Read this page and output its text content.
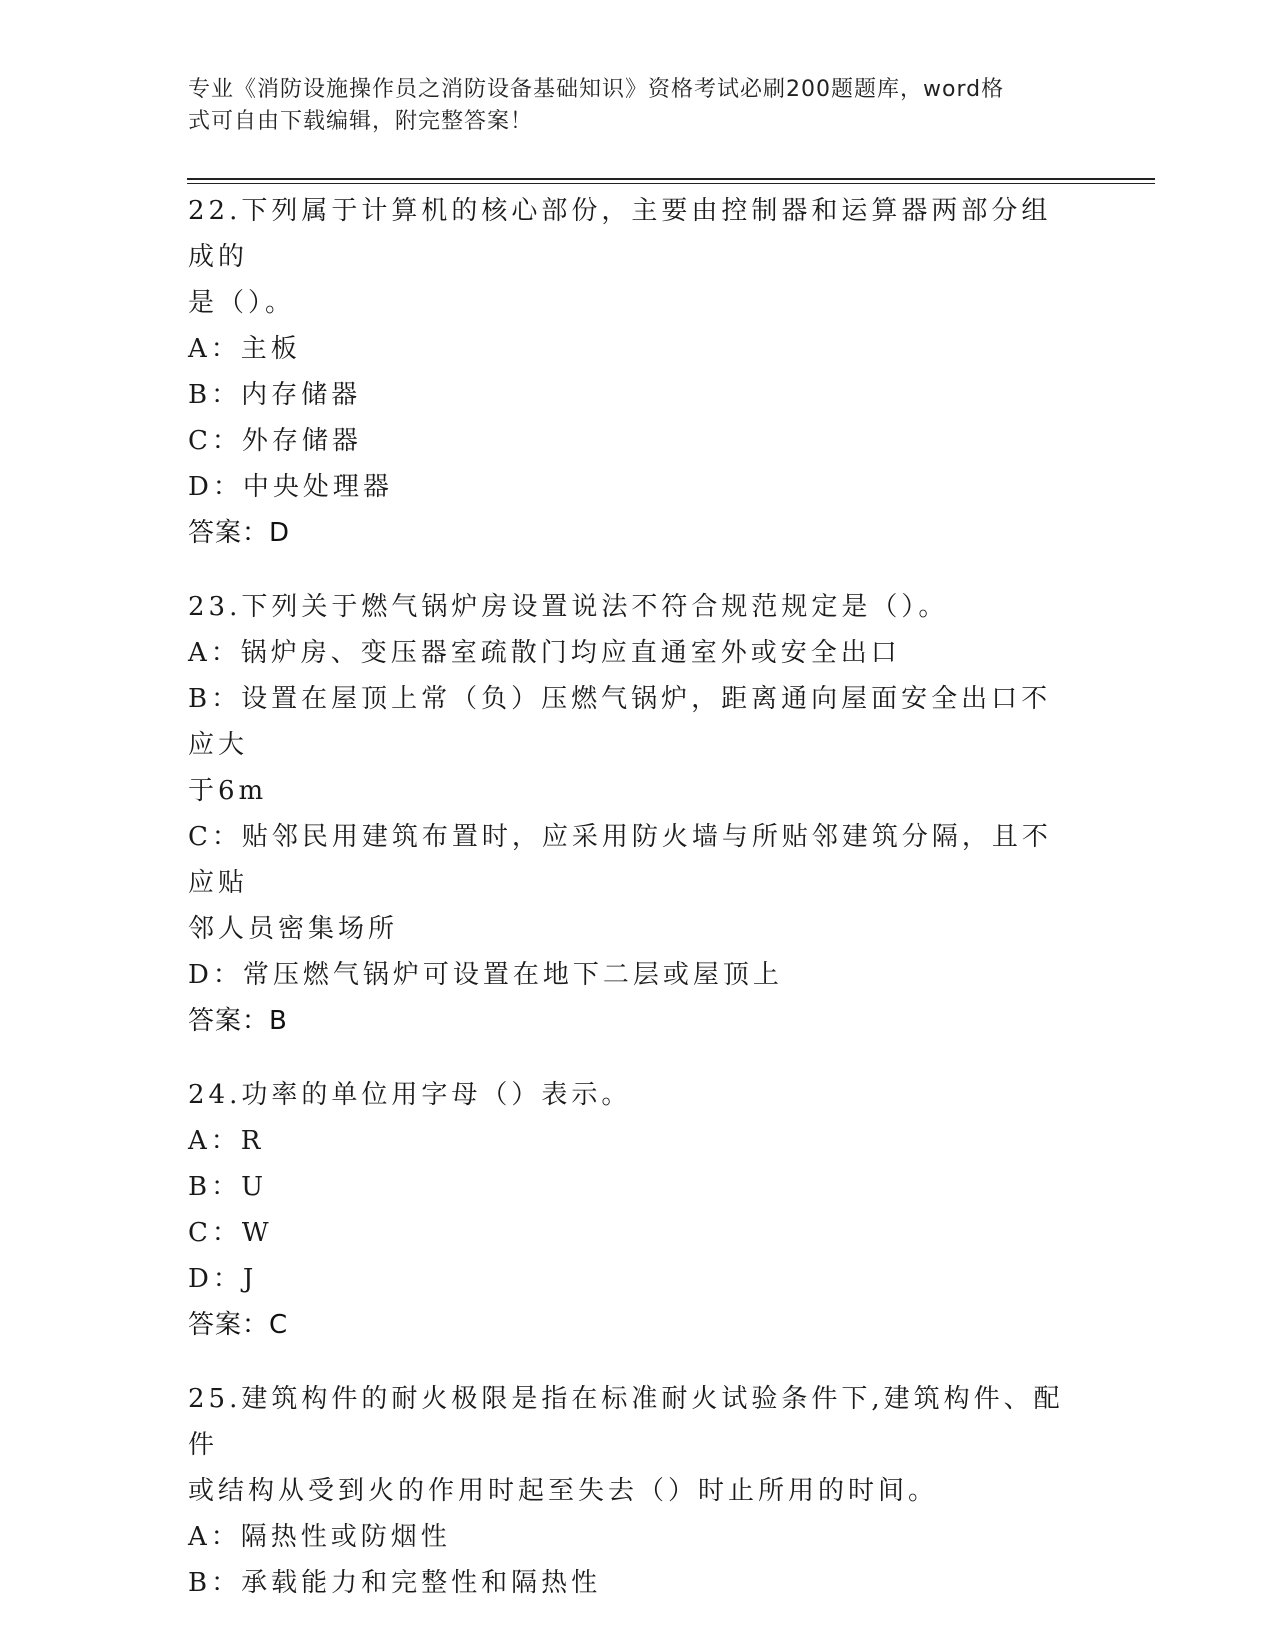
专业《消防设施操作员之消防设备基础知识》资格考试必刷200题题库，word格
式可自由下载编辑，附完整答案！
22.下列属于计算机的核心部份，主要由控制器和运算器两部分组成的
是（）。
A：主板
B：内存储器
C：外存储器
D：中央处理器
答案：D
23.下列关于燃气锅炉房设置说法不符合规范规定是（）。
A：锅炉房、变压器室疏散门均应直通室外或安全出口
B：设置在屋顶上常（负）压燃气锅炉，距离通向屋面安全出口不应大
于6m
C：贴邻民用建筑布置时，应采用防火墙与所贴邻建筑分隔，且不应贴
邻人员密集场所
D：常压燃气锅炉可设置在地下二层或屋顶上
答案：B
24.功率的单位用字母（）表示。
A：R
B：U
C：W
D：J
答案：C
25.建筑构件的耐火极限是指在标准耐火试验条件下,建筑构件、配件
或结构从受到火的作用时起至失去（）时止所用的时间。
A：隔热性或防烟性
B：承载能力和完整性和隔热性
